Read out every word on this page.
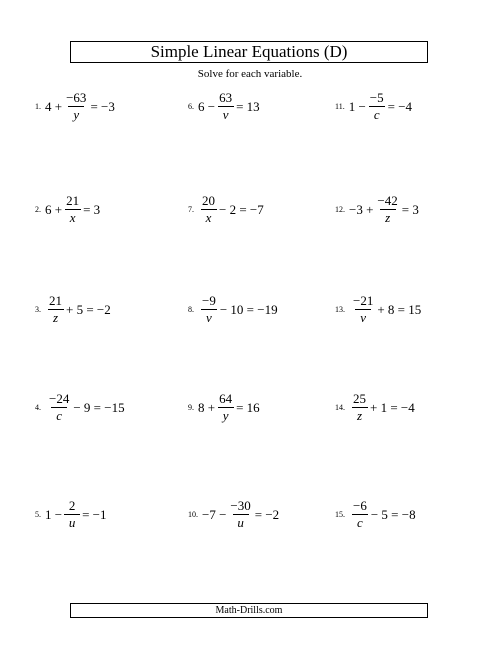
Simple Linear Equations (D)
Solve for each variable.
1. $4 + \frac{-63}{y} = -3$
2. $6 + \frac{21}{x} = 3$
3. $\frac{21}{z} + 5 = -2$
4. $\frac{-24}{c} - 9 = -15$
5. $1 - \frac{2}{u} = -1$
6. $6 - \frac{63}{v} = 13$
7. $\frac{20}{x} - 2 = -7$
8. $\frac{-9}{v} - 10 = -19$
9. $8 + \frac{64}{y} = 16$
10. $-7 - \frac{-30}{u} = -2$
11. $1 - \frac{-5}{c} = -4$
12. $-3 + \frac{-42}{z} = 3$
13. $\frac{-21}{v} + 8 = 15$
14. $\frac{25}{z} + 1 = -4$
15. $\frac{-6}{c} - 5 = -8$
Math-Drills.com
